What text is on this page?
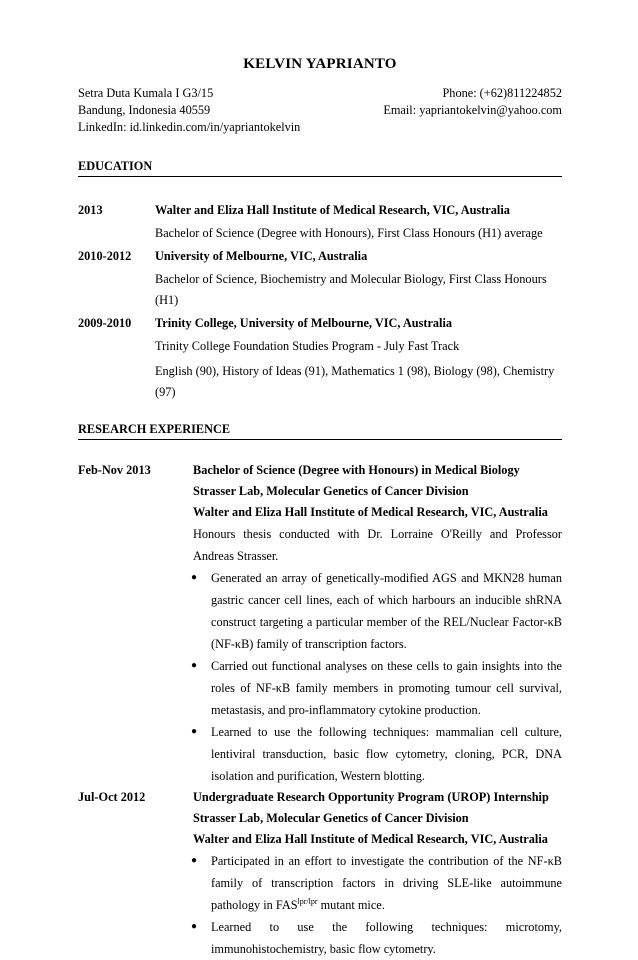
KELVIN YAPRIANTO
Setra Duta Kumala I G3/15	Phone: (+62)811224852
Bandung, Indonesia 40559	Email: yapriantokelvin@yahoo.com
LinkedIn: id.linkedin.com/in/yapriantokelvin
EDUCATION
2013	Walter and Eliza Hall Institute of Medical Research, VIC, Australia
Bachelor of Science (Degree with Honours), First Class Honours (H1) average
2010-2012	University of Melbourne, VIC, Australia
Bachelor of Science, Biochemistry and Molecular Biology, First Class Honours (H1)
2009-2010	Trinity College, University of Melbourne, VIC, Australia
Trinity College Foundation Studies Program - July Fast Track
English (90), History of Ideas (91), Mathematics 1 (98), Biology (98), Chemistry (97)
RESEARCH EXPERIENCE
Feb-Nov 2013	Bachelor of Science (Degree with Honours) in Medical Biology
Strasser Lab, Molecular Genetics of Cancer Division
Walter and Eliza Hall Institute of Medical Research, VIC, Australia
Honours thesis conducted with Dr. Lorraine O'Reilly and Professor Andreas Strasser.
● Generated an array of genetically-modified AGS and MKN28 human gastric cancer cell lines, each of which harbours an inducible shRNA construct targeting a particular member of the REL/Nuclear Factor-κB (NF-κB) family of transcription factors.
● Carried out functional analyses on these cells to gain insights into the roles of NF-κB family members in promoting tumour cell survival, metastasis, and pro-inflammatory cytokine production.
● Learned to use the following techniques: mammalian cell culture, lentiviral transduction, basic flow cytometry, cloning, PCR, DNA isolation and purification, Western blotting.
Jul-Oct 2012	Undergraduate Research Opportunity Program (UROP) Internship
Strasser Lab, Molecular Genetics of Cancer Division
Walter and Eliza Hall Institute of Medical Research, VIC, Australia
● Participated in an effort to investigate the contribution of the NF-κB family of transcription factors in driving SLE-like autoimmune pathology in $FAS^{lpr/lpr}$ mutant mice.
● Learned to use the following techniques: microtomy, immunohistochemistry, basic flow cytometry.
